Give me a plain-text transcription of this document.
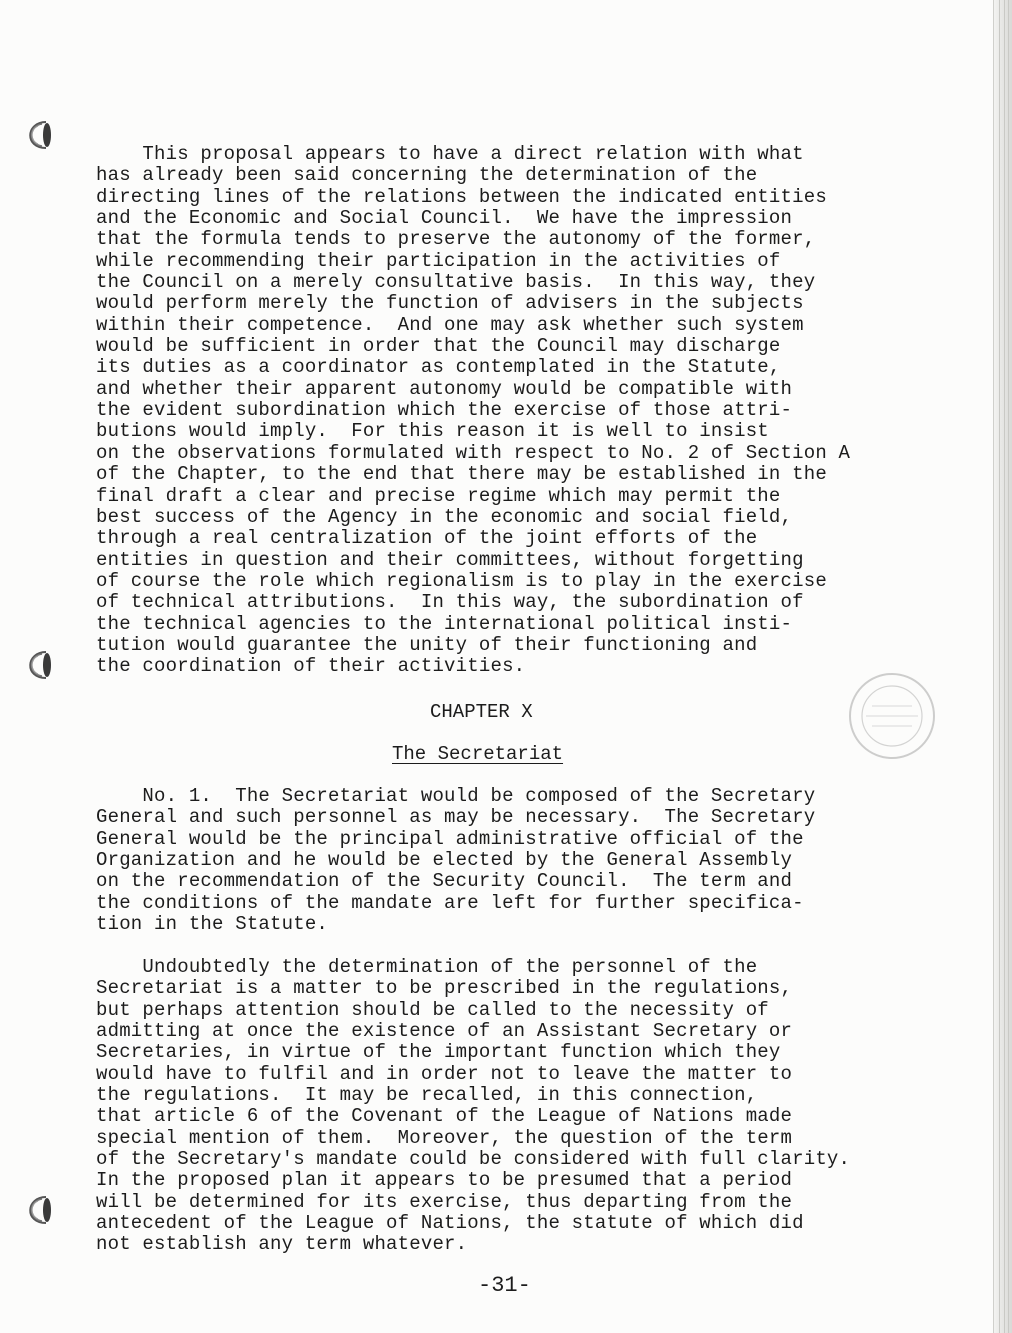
This proposal appears to have a direct relation with what

has already been said concerning the determination of the

directing lines of the relations between the indicated entities

and the Economic and Social Council.  We have the impression

that the formula tends to preserve the autonomy of the former,

while recommending their participation in the activities of

the Council on a merely consultative basis.  In this way, they

would perform merely the function of advisers in the subjects

within their competence.  And one may ask whether such system

would be sufficient in order that the Council may discharge

its duties as a coordinator as contemplated in the Statute,

and whether their apparent autonomy would be compatible with

the evident subordination which the exercise of those attri-

butions would imply.  For this reason it is well to insist

on the observations formulated with respect to No. 2 of Section A

of the Chapter, to the end that there may be established in the

final draft a clear and precise regime which may permit the

best success of the Agency in the economic and social field,

through a real centralization of the joint efforts of the

entities in question and their committees, without forgetting

of course the role which regionalism is to play in the exercise

of technical attributions.  In this way, the subordination of

the technical agencies to the international political insti-

tution would guarantee the unity of their functioning and

the coordination of their activities.

CHAPTER X
The Secretariat

No. 1.  The Secretariat would be composed of the Secretary

General and such personnel as may be necessary.  The Secretary

General would be the principal administrative official of the

Organization and he would be elected by the General Assembly

on the recommendation of the Security Council.  The term and

the conditions of the mandate are left for further specifica-

tion in the Statute.

Undoubtedly the determination of the personnel of the

Secretariat is a matter to be prescribed in the regulations,

but perhaps attention should be called to the necessity of

admitting at once the existence of an Assistant Secretary or

Secretaries, in virtue of the important function which they

would have to fulfil and in order not to leave the matter to

the regulations.  It may be recalled, in this connection,

that article 6 of the Covenant of the League of Nations made

special mention of them.  Moreover, the question of the term

of the Secretary's mandate could be considered with full clarity.

In the proposed plan it appears to be presumed that a period

will be determined for its exercise, thus departing from the

antecedent of the League of Nations, the statute of which did

not establish any term whatever.

-31-
